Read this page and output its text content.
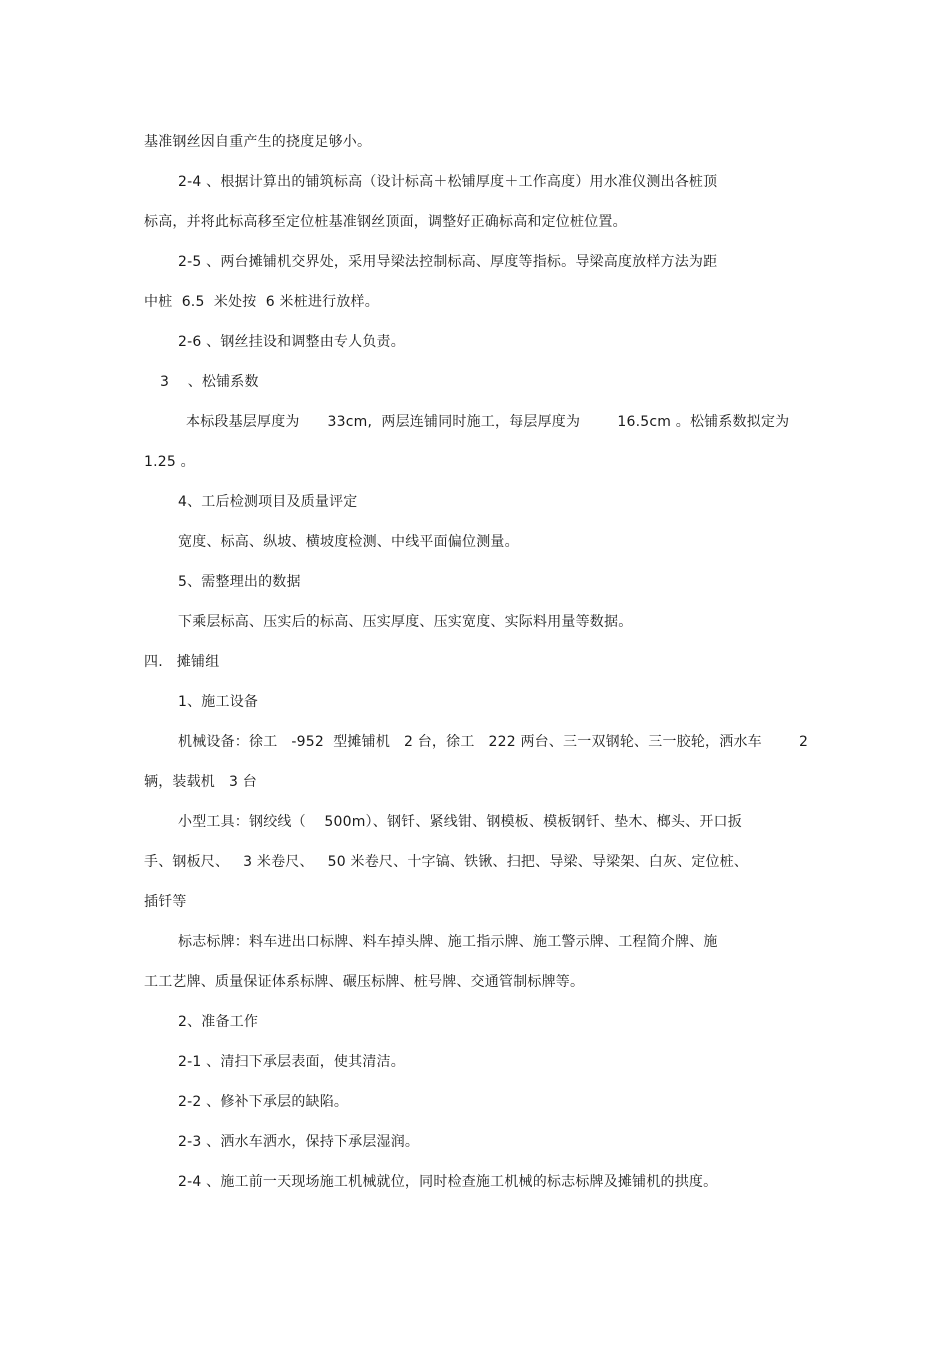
基准钢丝因自重产生的挠度足够小。
2-4 、根据计算出的铺筑标高（设计标高＋松铺厚度＋工作高度）用水准仪测出各桩顶
标高，并将此标高移至定位桩基准钢丝顶面，调整好正确标高和定位桩位置。
2-5 、两台摊铺机交界处，采用导梁法控制标高、厚度等指标。导梁高度放样方法为距
中桩  6.5  米处按  6 米桩进行放样。
2-6 、钢丝挂设和调整由专人负责。
3    、松铺系数
本标段基层厚度为      33cm,  两层连铺同时施工，每层厚度为        16.5cm 。松铺系数拟定为
1.25 。
4、工后检测项目及质量评定
宽度、标高、纵坡、横坡度检测、中线平面偏位测量。
5、需整理出的数据
下乘层标高、压实后的标高、压实厚度、压实宽度、实际料用量等数据。
四.   摊铺组
1、施工设备
机械设备：徐工   -952  型摊铺机   2 台，徐工   222 两台、三一双钢轮、三一胶轮，洒水车        2
辆，装载机   3 台
小型工具：钢绞线（    500m）、钢钎、紧线钳、钢模板、模板钢钎、垫木、榔头、开口扳
手、钢板尺、   3 米卷尺、   50 米卷尺、十字镐、铁锹、扫把、导梁、导梁架、白灰、定位桩、
插钎等
标志标牌：料车进出口标牌、料车掉头牌、施工指示牌、施工警示牌、工程简介牌、施
工工艺牌、质量保证体系标牌、碾压标牌、桩号牌、交通管制标牌等。
2、准备工作
2-1 、清扫下承层表面，使其清洁。
2-2 、修补下承层的缺陷。
2-3 、洒水车洒水，保持下承层湿润。
2-4 、施工前一天现场施工机械就位，同时检查施工机械的标志标牌及摊铺机的拱度。
